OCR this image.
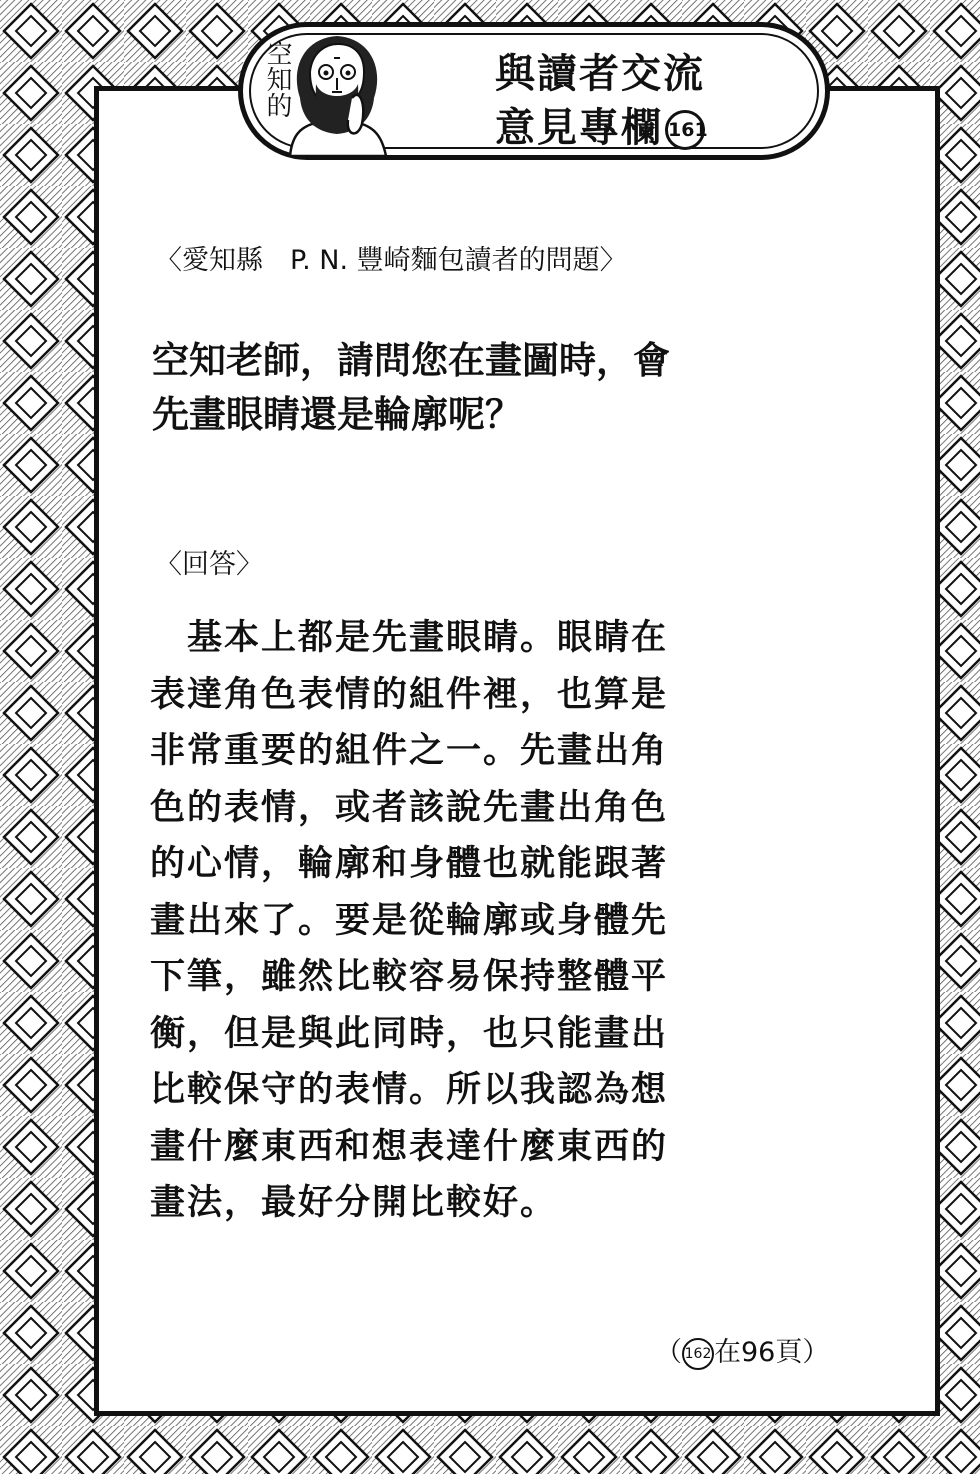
空知的	與讀者交流
意見專欄 161
〈愛知縣　P. N. 豐崎麵包讀者的問題〉
空知老師，請問您在畫圖時，會
先畫眼睛還是輪廓呢？
〈回答〉
　基本上都是先畫眼睛。眼睛在
表達角色表情的組件裡，也算是
非常重要的組件之一。先畫出角
色的表情，或者該說先畫出角色
的心情，輪廓和身體也就能跟著
畫出來了。要是從輪廓或身體先
下筆，雖然比較容易保持整體平
衡，但是與此同時，也只能畫出
比較保守的表情。所以我認為想
畫什麼東西和想表達什麼東西的
畫法，最好分開比較好。
（ 162在96頁）
